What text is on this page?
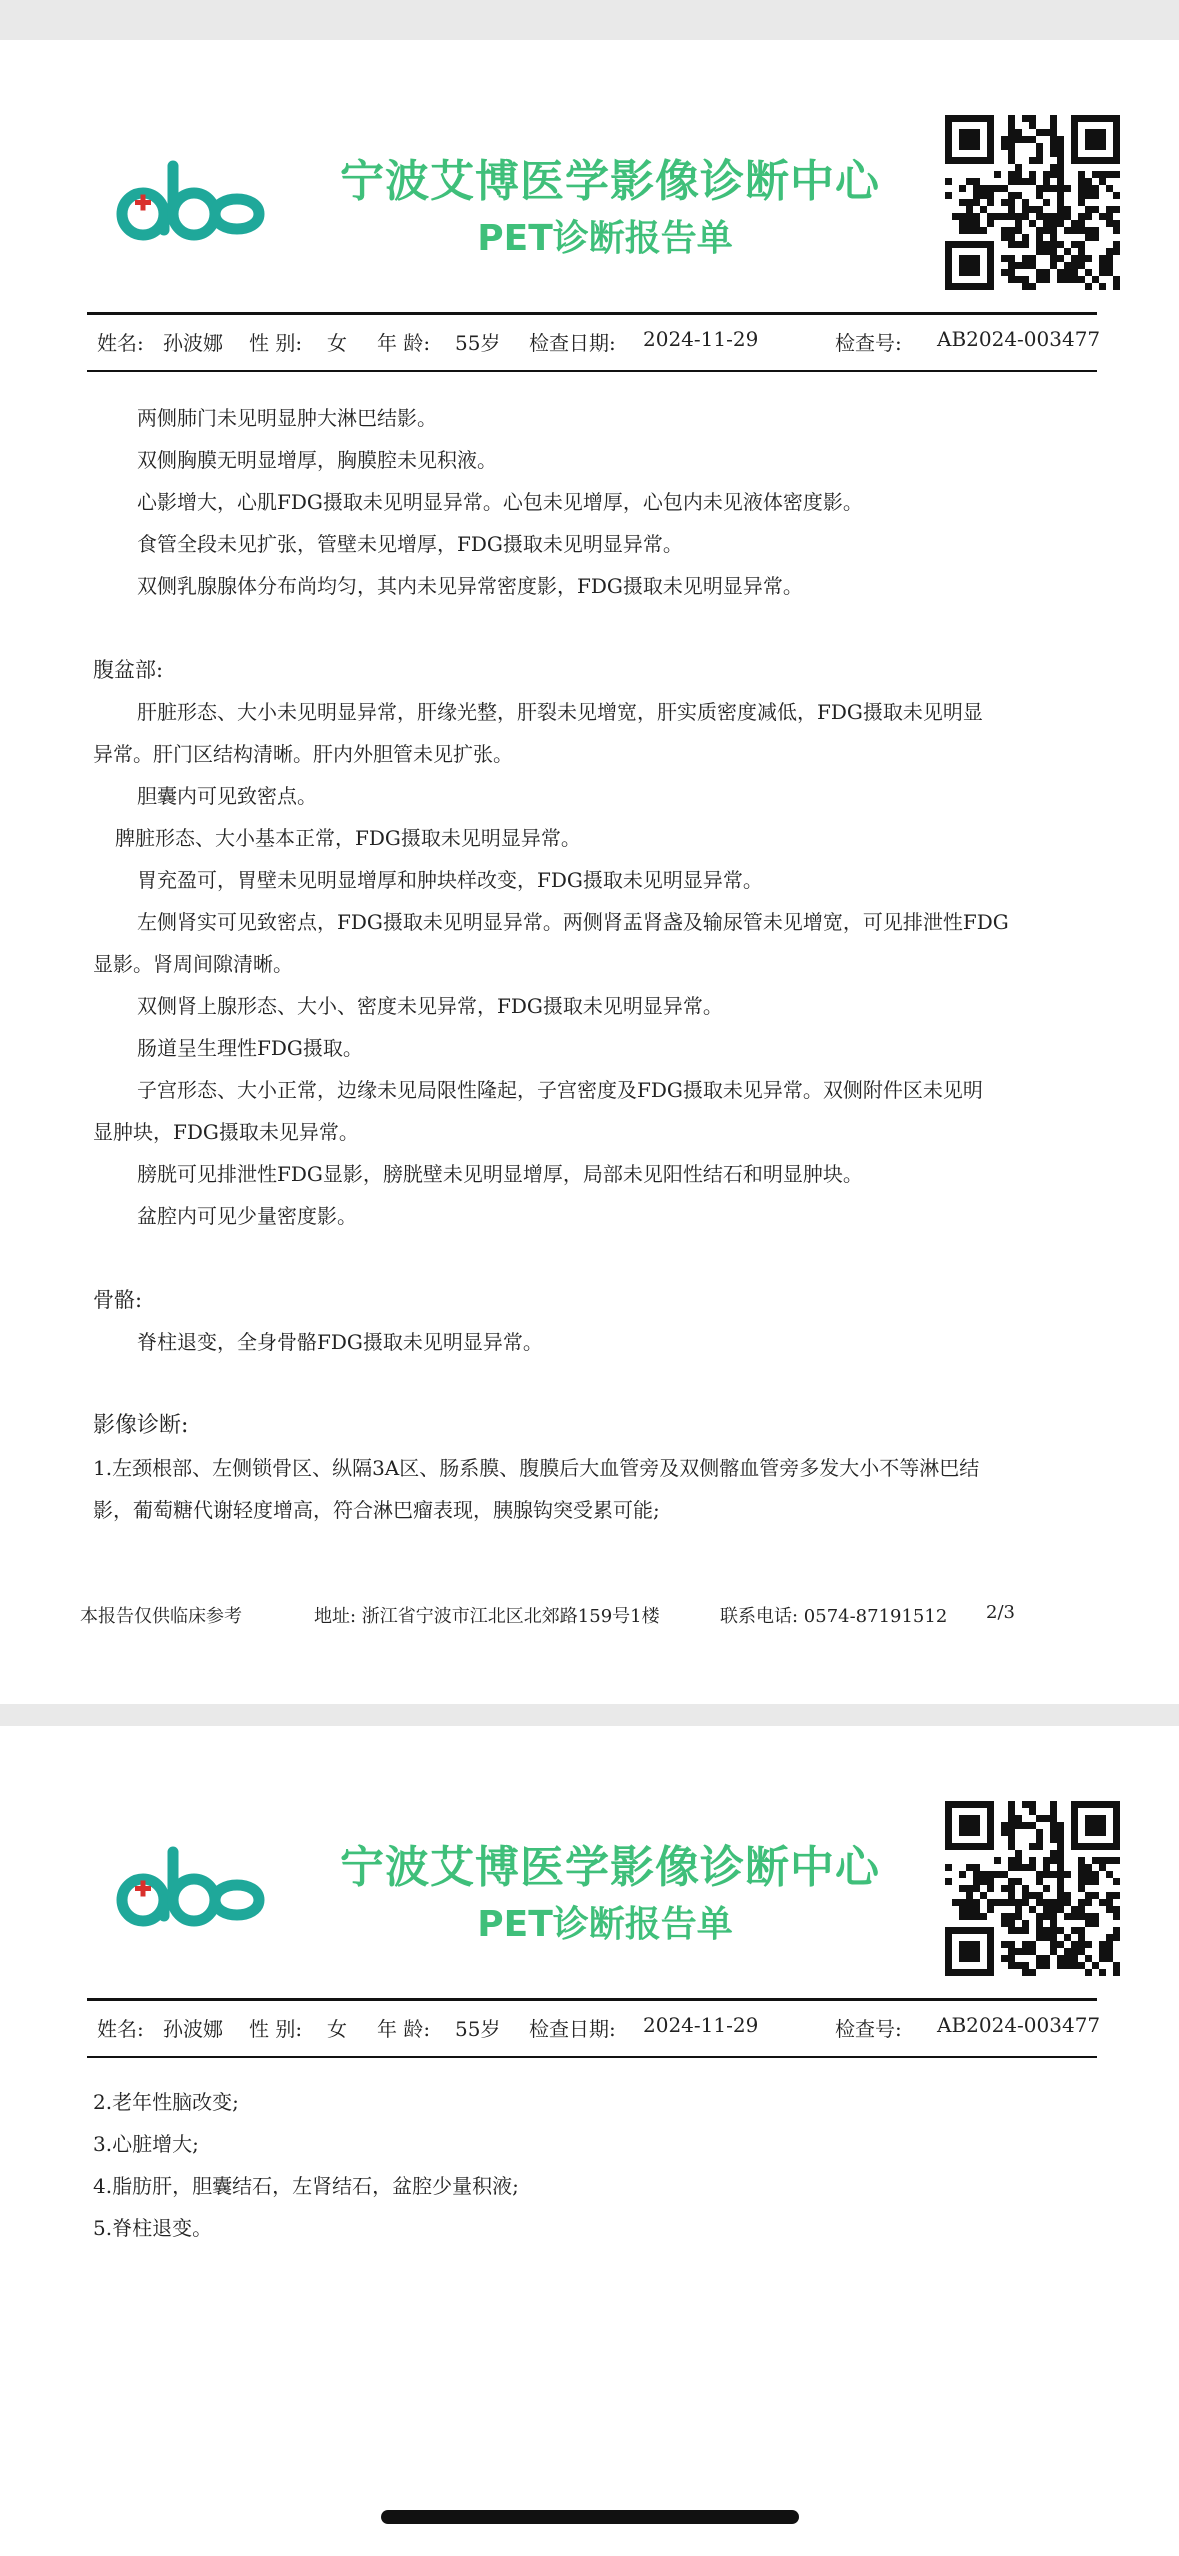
宁波艾博医学影像诊断中心
PET诊断报告单
姓名: 孙波娜 性 别: 女 年 龄: 55岁 检查日期: 2024-11-29	检查号: AB2024-003477

两侧肺门未见明显肿大淋巴结影。

双侧胸膜无明显增厚，胸膜腔未见积液。

心影增大，心肌FDG摄取未见明显异常。心包未见增厚，心包内未见液体密度影。

食管全段未见扩张，管壁未见增厚，FDG摄取未见明显异常。

双侧乳腺腺体分布尚均匀，其内未见异常密度影，FDG摄取未见明显异常。

腹盆部:

肝脏形态、大小未见明显异常，肝缘光整，肝裂未见增宽，肝实质密度减低，FDG摄取未见明显

异常。肝门区结构清晰。肝内外胆管未见扩张。

胆囊内可见致密点。

脾脏形态、大小基本正常，FDG摄取未见明显异常。

胃充盈可，胃壁未见明显增厚和肿块样改变，FDG摄取未见明显异常。

左侧肾实可见致密点，FDG摄取未见明显异常。两侧肾盂肾盏及输尿管未见增宽，可见排泄性FDG

显影。肾周间隙清晰。

双侧肾上腺形态、大小、密度未见异常，FDG摄取未见明显异常。

肠道呈生理性FDG摄取。

子宫形态、大小正常，边缘未见局限性隆起，子宫密度及FDG摄取未见异常。双侧附件区未见明

显肿块，FDG摄取未见异常。

膀胱可见排泄性FDG显影，膀胱壁未见明显增厚，局部未见阳性结石和明显肿块。

盆腔内可见少量密度影。

骨骼:

脊柱退变，全身骨骼FDG摄取未见明显异常。

影像诊断:

1.左颈根部、左侧锁骨区、纵隔3A区、肠系膜、腹膜后大血管旁及双侧髂血管旁多发大小不等淋巴结

影，葡萄糖代谢轻度增高，符合淋巴瘤表现，胰腺钩突受累可能;

本报告仅供临床参考	地址: 浙江省宁波市江北区北郊路159号1楼	联系电话: 0574-87191512 2/3
宁波艾博医学影像诊断中心
PET诊断报告单
姓名: 孙波娜 性 别: 女 年 龄: 55岁 检查日期: 2024-11-29	检查号: AB2024-003477

2.老年性脑改变;

3.心脏增大;

4.脂肪肝，胆囊结石，左肾结石，盆腔少量积液;

5.脊柱退变。
